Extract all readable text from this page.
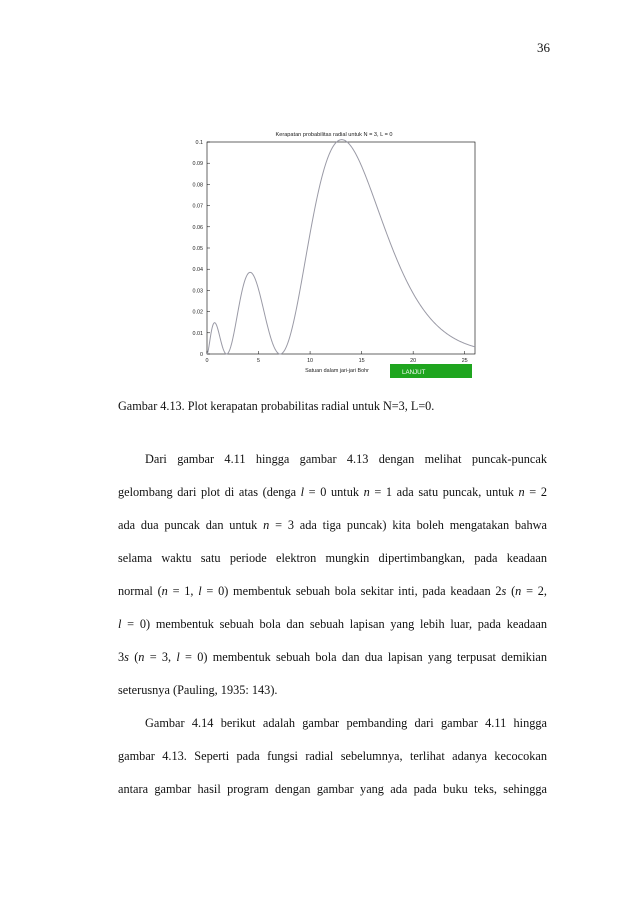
36
Kerapatan probabilitas radial untuk N = 3, L = 0
0
0.01
0.02
0.03
0.04
0.05
0.06
0.07
0.08
0.09
0.1
0	5	10	15	20	25
Satuan dalam jari-jari Bohr	LANJUT
Gambar 4.13. Plot kerapatan probabilitas radial untuk N=3, L=0.

Dari gambar 4.11 hingga gambar 4.13 dengan melihat puncak-puncak
gelombang dari plot di atas (denga l = 0 untuk n = 1 ada satu puncak, untuk n = 2
ada dua puncak dan untuk n = 3 ada tiga puncak) kita boleh mengatakan bahwa
selama waktu satu periode elektron mungkin dipertimbangkan, pada keadaan
normal (n = 1, l = 0) membentuk sebuah bola sekitar inti, pada keadaan 2s (n = 2,
l = 0) membentuk sebuah bola dan sebuah lapisan yang lebih luar, pada keadaan
3s (n = 3, l = 0) membentuk sebuah bola dan dua lapisan yang terpusat demikian
seterusnya (Pauling, 1935: 143).

Gambar 4.14 berikut adalah gambar pembanding dari gambar 4.11 hingga
gambar 4.13. Seperti pada fungsi radial sebelumnya, terlihat adanya kecocokan
antara gambar hasil program dengan gambar yang ada pada buku teks, sehingga
